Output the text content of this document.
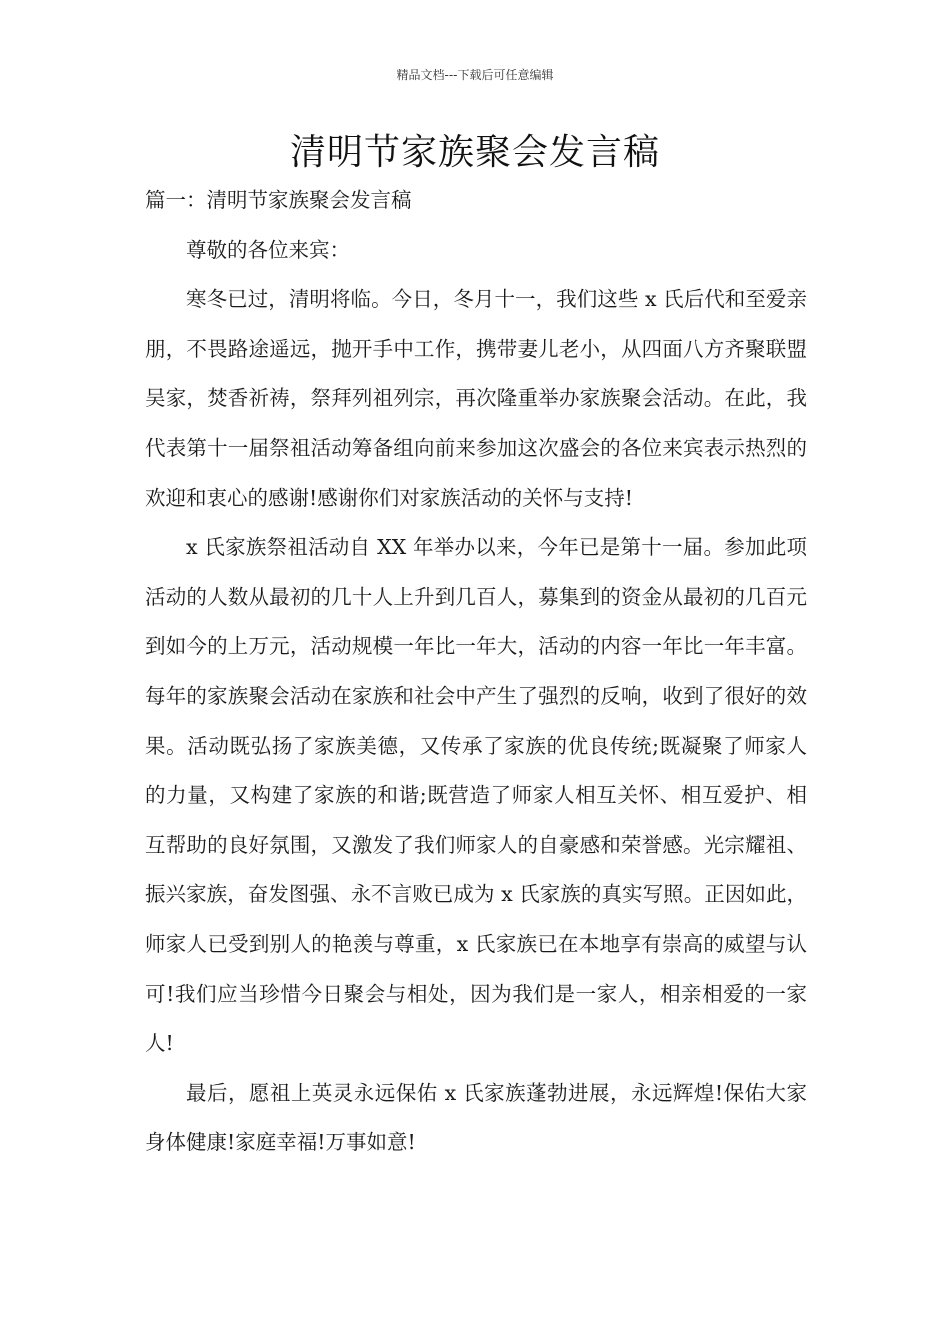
精品文档---下载后可任意编辑
清明节家族聚会发言稿

篇一：清明节家族聚会发言稿

尊敬的各位来宾：

寒冬已过，清明将临。今日，冬月十一，我们这些 x 氏后代和至爱亲朋，不畏路途遥远，抛开手中工作，携带妻儿老小，从四面八方齐聚联盟吴家，焚香祈祷，祭拜列祖列宗，再次隆重举办家族聚会活动。在此，我代表第十一届祭祖活动筹备组向前来参加这次盛会的各位来宾表示热烈的欢迎和衷心的感谢!感谢你们对家族活动的关怀与支持!

x 氏家族祭祖活动自 XX 年举办以来，今年已是第十一届。参加此项活动的人数从最初的几十人上升到几百人，募集到的资金从最初的几百元到如今的上万元，活动规模一年比一年大，活动的内容一年比一年丰富。每年的家族聚会活动在家族和社会中产生了强烈的反响，收到了很好的效果。活动既弘扬了家族美德，又传承了家族的优良传统;既凝聚了师家人的力量，又构建了家族的和谐;既营造了师家人相互关怀、相互爱护、相互帮助的良好氛围，又激发了我们师家人的自豪感和荣誉感。光宗耀祖、振兴家族，奋发图强、永不言败已成为 x 氏家族的真实写照。正因如此，师家人已受到别人的艳羡与尊重，x 氏家族已在本地享有崇高的威望与认可!我们应当珍惜今日聚会与相处，因为我们是一家人，相亲相爱的一家人!

最后，愿祖上英灵永远保佑 x 氏家族蓬勃进展，永远辉煌!保佑大家身体健康!家庭幸福!万事如意!
